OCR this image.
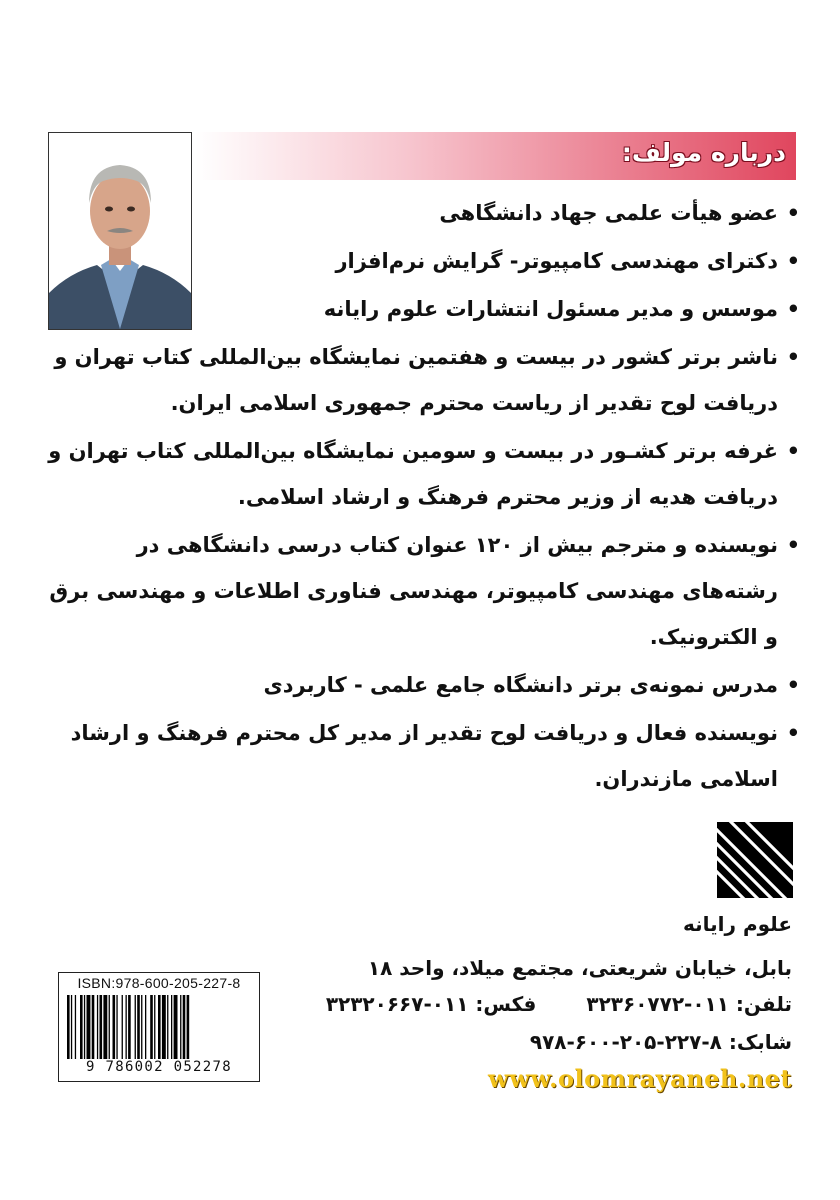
درباره مولف:
• عضو هیأت علمی جهاد دانشگاهی
• دکترای مهندسی کامپیوتر- گرایش نرم‌افزار
• موسس و مدیر مسئول انتشارات علوم رایانه
• ناشر برتر کشور در بیست و هفتمین نمایشگاه بین‌المللی کتاب تهران و دریافت لوح تقدیر از ریاست محترم جمهوری اسلامی ایران.
• غرفه برتر کشـور در بیست و سومین نمایشگاه بین‌المللی کتاب تهران و دریافت هدیه از وزیر محترم فرهنگ و ارشاد اسلامی.
• نویسنده و مترجم بیش از ۱۲۰ عنوان کتاب درسی دانشگاهی در رشته‌های مهندسی کامپیوتر، مهندسی فناوری اطلاعات و مهندسی برق و الکترونیک.
• مدرس نمونه‌ی برتر دانشگاه جامع علمی - کاربردی
• نویسنده فعال و دریافت لوح تقدیر از مدیر کل محترم فرهنگ و ارشاد اسلامی مازندران.
علوم رایانه
بابل، خیابان شریعتی، مجتمع میلاد، واحد ۱۸
تلفن: ۰۱۱-۳۲۳۶۰۷۷۲فکس: ۰۱۱-۳۲۳۲۰۶۶۷
شابک: ۸-۲۲۷-۲۰۵-۶۰۰-۹۷۸
www.olomrayaneh.net
ISBN:978-600-205-227-8
9 786002 052278
